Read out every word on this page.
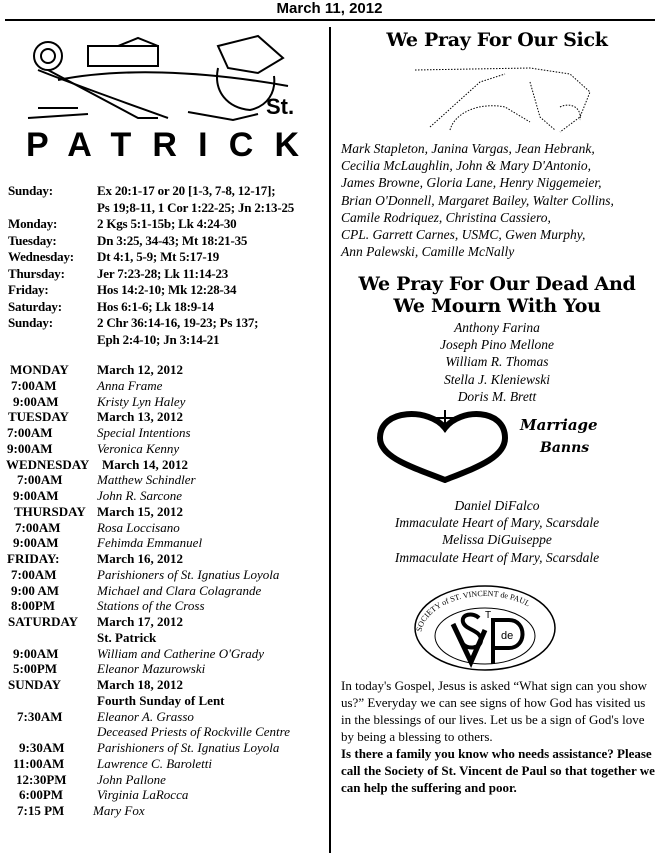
March 11, 2012
St.
PATRICK
Sunday:	Ex 20:1-17 or 20 [1-3, 7-8, 12-17];
Ps 19;8-11, 1 Cor 1:22-25; Jn 2:13-25
Monday:	2 Kgs 5:1-15b; Lk 4:24-30
Tuesday:	Dn 3:25, 34-43; Mt 18:21-35
Wednesday: Dt 4:1, 5-9; Mt 5:17-19
Thursday: Jer 7:23-28; Lk 11:14-23
Friday:	Hos 14:2-10; Mk 12:28-34
Saturday:	Hos 6:1-6; Lk 18:9-14
Sunday:	2 Chr 36:14-16, 19-23; Ps 137;
Eph 2:4-10; Jn 3:14-21
MONDAY March 12, 2012
7:00AM	Anna Frame
9:00AM	Kristy Lyn Haley
TUESDAY March 13, 2012
7:00AM	Special Intentions
9:00AM	Veronica Kenny
WEDNESDAY March 14, 2012
7:00AM	Matthew Schindler
9:00AM	John R. Sarcone
THURSDAY March 15, 2012
7:00AM	Rosa Loccisano
9:00AM	Fehimda Emmanuel
FRIDAY:	March 16, 2012
7:00AM	Parishioners of St. Ignatius Loyola
9:00 AM	Michael and Clara Colagrande
8:00PM	Stations of the Cross
SATURDAY March 17, 2012
St. Patrick
9:00AM	William and Catherine O'Grady
5:00PM	Eleanor Mazurowski
SUNDAY	March 18, 2012
Fourth Sunday of Lent
7:30AM	Eleanor A. Grasso
Deceased Priests of Rockville Centre
9:30AM	Parishioners of St. Ignatius Loyola
11:00AM	Lawrence C. Baroletti
12:30PM John Pallone
6:00PM	Virginia LaRocca
7:15 PM Mary Fox
We Pray For Our Sick
Mark Stapleton, Janina Vargas, Jean Hebrank,
Cecilia McLaughlin, John & Mary D'Antonio,
James Browne, Gloria Lane, Henry Niggemeier,
Brian O'Donnell, Margaret Bailey, Walter Collins,
Camile Rodriquez, Christina Cassiero,
CPL. Garrett Carnes, USMC, Gwen Murphy,
Ann Palewski, Camille McNally
We Pray For Our Dead And
We Mourn With You
Anthony Farina
Joseph Pino Mellone
William R. Thomas
Stella J. Kleniewski
Doris M. Brett
Marriage
Banns
Daniel DiFalco
Immaculate Heart of Mary, Scarsdale
Melissa DiGuiseppe
Immaculate Heart of Mary, Scarsdale
SOCIETY of ST. VINCENT de PAUL
T
de
In today's Gospel, Jesus is asked “What sign can you show us?” Everyday we can see signs of how God has visited us in the blessings of our lives. Let us be a sign of God's love by being a blessing to others.
Is there a family you know who needs assistance? Please call the Society of St. Vincent de Paul so that together we can help the suffering and poor.
